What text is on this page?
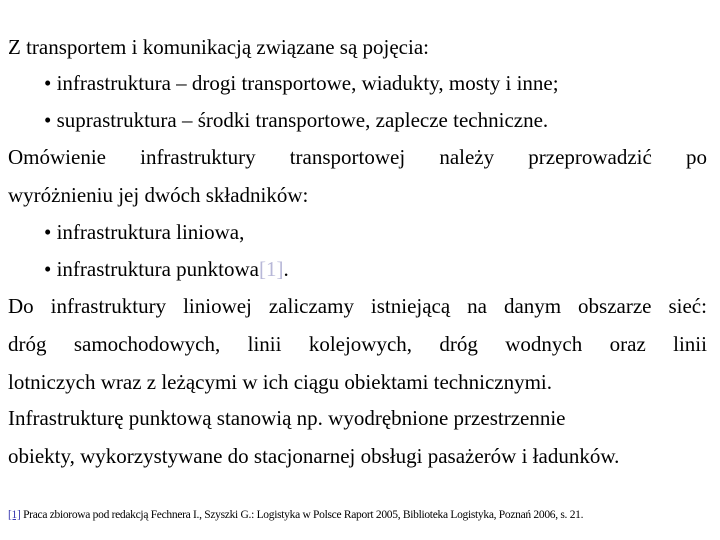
Z transportem i komunikacją związane są pojęcia:
• infrastruktura – drogi transportowe, wiadukty, mosty i inne;
• suprastruktura – środki transportowe, zaplecze techniczne.
Omówienie infrastruktury transportowej należy przeprowadzić po
wyróżnieniu jej dwóch składników:
• infrastruktura liniowa,
• infrastruktura punktowa[1].
Do infrastruktury liniowej zaliczamy istniejącą na danym obszarze sieć:
dróg samochodowych, linii kolejowych, dróg wodnych oraz linii
lotniczych wraz z leżącymi w ich ciągu obiektami technicznymi.
Infrastrukturę punktową stanowią np. wyodrębnione przestrzennie
obiekty, wykorzystywane do stacjonarnej obsługi pasażerów i ładunków.
[1] Praca zbiorowa pod redakcją Fechnera I., Szyszki G.: Logistyka w Polsce Raport 2005, Biblioteka Logistyka, Poznań 2006, s. 21.
